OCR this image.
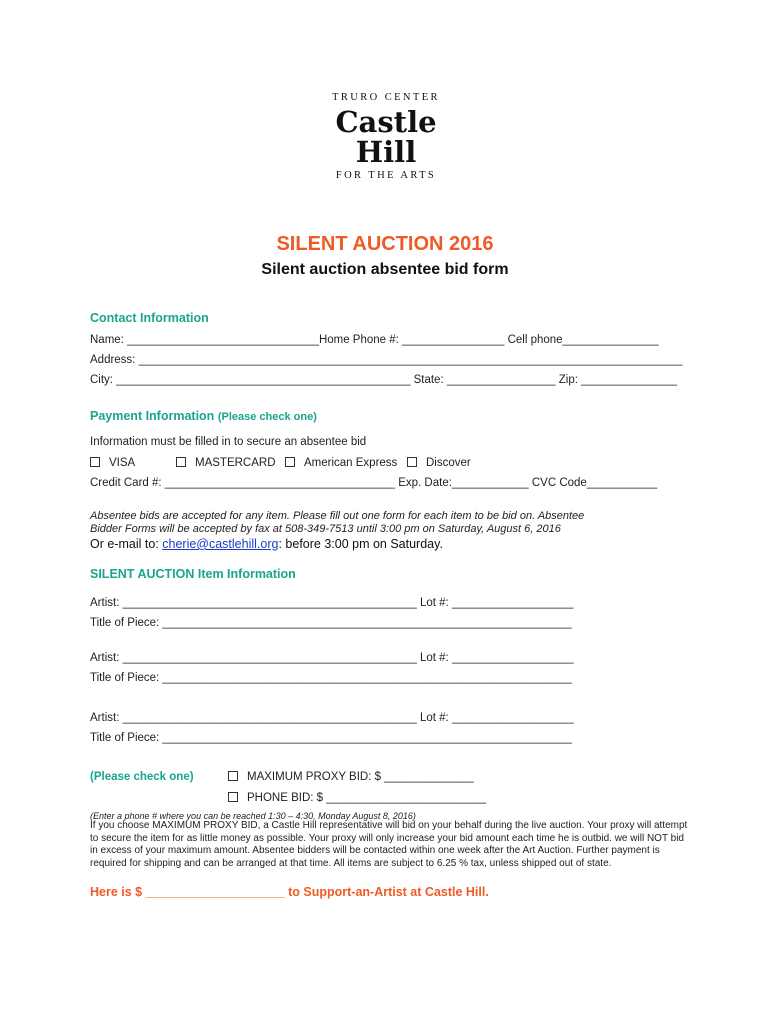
TRURO CENTER
Castle
Hill
FOR THE ARTS
SILENT AUCTION 2016
Silent auction absentee bid form
Contact Information
Name: ______________________________Home Phone #: ________________ Cell phone_______________
Address: _____________________________________________________________________________________
City: ______________________________________________ State: _________________ Zip: _______________
Payment Information (Please check one)
Information must be filled in to secure an absentee bid
VISA	MASTERCARD	American Express	Discover
Credit Card #: ____________________________________ Exp. Date:____________ CVC Code___________
Absentee bids are accepted for any item. Please fill out one form for each item to be bid on. Absentee
Bidder Forms will be accepted by fax at 508-349-7513 until 3:00 pm on Saturday, August 6, 2016
Or e-mail to: cherie@castlehill.org: before 3:00 pm on Saturday.
SILENT AUCTION Item Information
Artist: ______________________________________________ Lot #: ___________________
Title of Piece: ________________________________________________________________
Artist: ______________________________________________ Lot #: ___________________
Title of Piece: ________________________________________________________________
Artist: ______________________________________________ Lot #: ___________________
Title of Piece: ________________________________________________________________
(Please check one)	MAXIMUM PROXY BID: $ ______________
PHONE BID: $ _________________________
(Enter a phone # where you can be reached 1:30 – 4:30, Monday August 8, 2016)
If you choose MAXIMUM PROXY BID, a Castle Hill representative will bid on your behalf during the live auction. Your proxy will attempt to secure the item for as little money as possible. Your proxy will only increase your bid amount each time he is outbid. we will NOT bid in excess of your maximum amount. Absentee bidders will be contacted within one week after the Art Auction. Further payment is required for shipping and can be arranged at that time. All items are subject to 6.25 % tax, unless shipped out of state.
Here is $ ____________________ to Support-an-Artist at Castle Hill.
